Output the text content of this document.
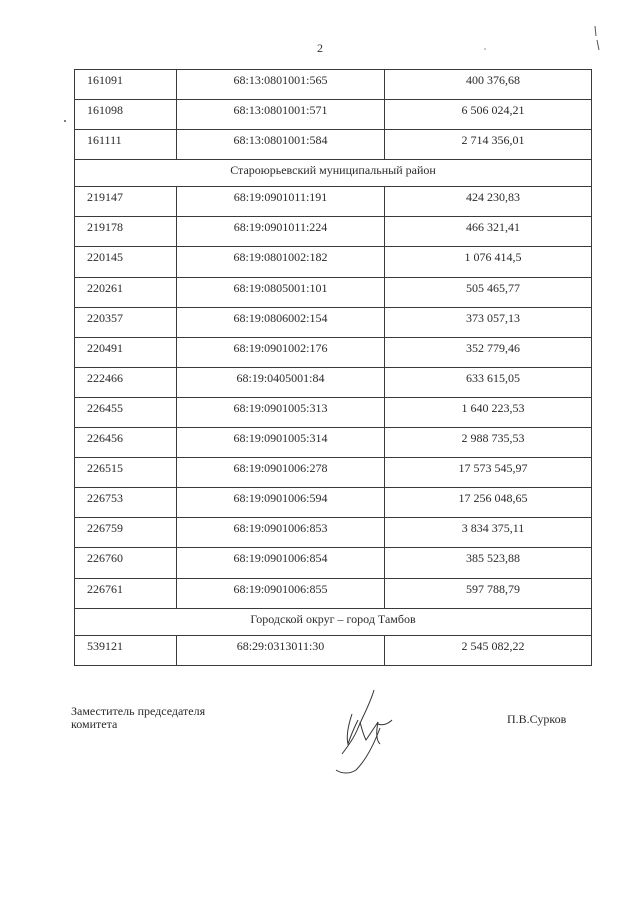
2
161091	68:13:0801001:565	400 376,68
161098	68:13:0801001:571	6 506 024,21
161111	68:13:0801001:584	2 714 356,01
Староюрьевский муниципальный район		
219147	68:19:0901011:191	424 230,83
219178	68:19:0901011:224	466 321,41
220145	68:19:0801002:182	1 076 414,5
220261	68:19:0805001:101	505 465,77
220357	68:19:0806002:154	373 057,13
220491	68:19:0901002:176	352 779,46
222466	68:19:0405001:84	633 615,05
226455	68:19:0901005:313	1 640 223,53
226456	68:19:0901005:314	2 988 735,53
226515	68:19:0901006:278	17 573 545,97
226753	68:19:0901006:594	17 256 048,65
226759	68:19:0901006:853	3 834 375,11
226760	68:19:0901006:854	385 523,88
226761	68:19:0901006:855	597 788,79
Городской округ – город Тамбов		
539121	68:29:0313011:30	2 545 082,22
Заместитель председателя
комитета	П.В.Сурков
